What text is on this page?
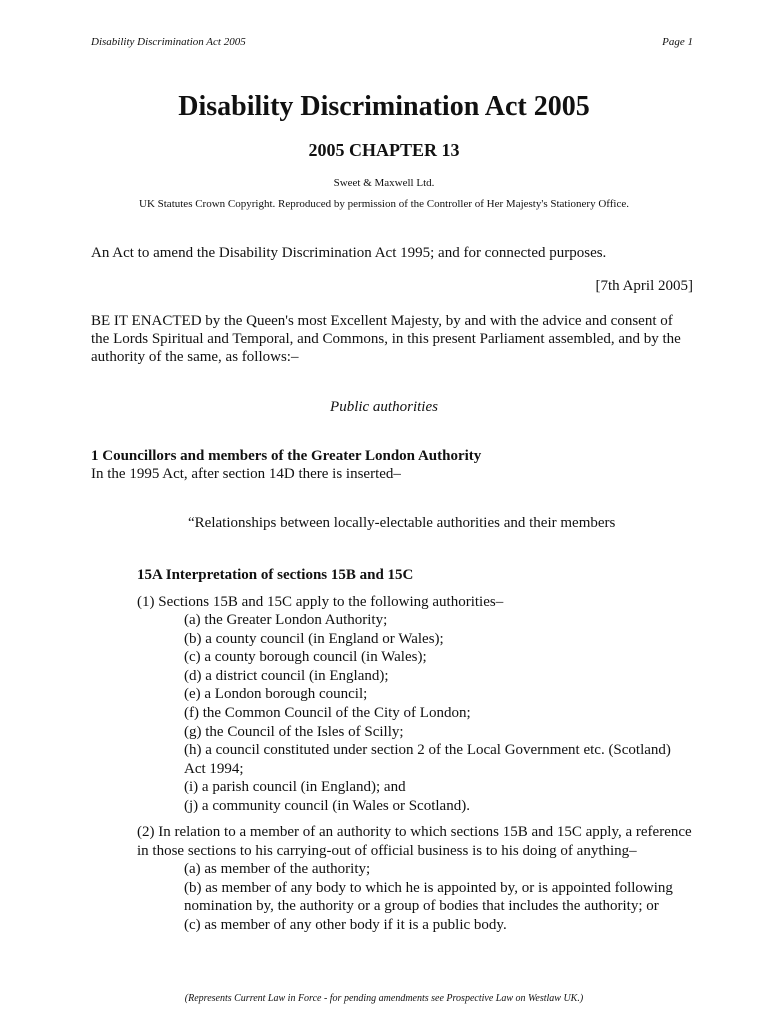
Disability Discrimination Act 2005	Page 1

Disability Discrimination Act 2005
2005 CHAPTER 13

Sweet & Maxwell Ltd.

UK Statutes Crown Copyright. Reproduced by permission of the Controller of Her Majesty's Stationery Office.

An Act to amend the Disability Discrimination Act 1995; and for connected purposes.

[7th April 2005]

BE IT ENACTED by the Queen's most Excellent Majesty, by and with the advice and consent of
the Lords Spiritual and Temporal, and Commons, in this present Parliament assembled, and by the
authority of the same, as follows:–

Public authorities

1 Councillors and members of the Greater London Authority

In the 1995 Act, after section 14D there is inserted–

“Relationships between locally-electable authorities and their members

15A Interpretation of sections 15B and 15C

(1) Sections 15B and 15C apply to the following authorities–

(a) the Greater London Authority;
(b) a county council (in England or Wales);
(c) a county borough council (in Wales);
(d) a district council (in England);
(e) a London borough council;
(f) the Common Council of the City of London;
(g) the Council of the Isles of Scilly;
(h) a council constituted under section 2 of the Local Government etc. (Scotland)
Act 1994;
(i) a parish council (in England); and
(j) a community council (in Wales or Scotland).
(2) In relation to a member of an authority to which sections 15B and 15C apply, a reference
in those sections to his carrying-out of official business is to his doing of anything–
(a) as member of the authority;
(b) as member of any body to which he is appointed by, or is appointed following
nomination by, the authority or a group of bodies that includes the authority; or
(c) as member of any other body if it is a public body.

(Represents Current Law in Force - for pending amendments see Prospective Law on Westlaw UK.)
